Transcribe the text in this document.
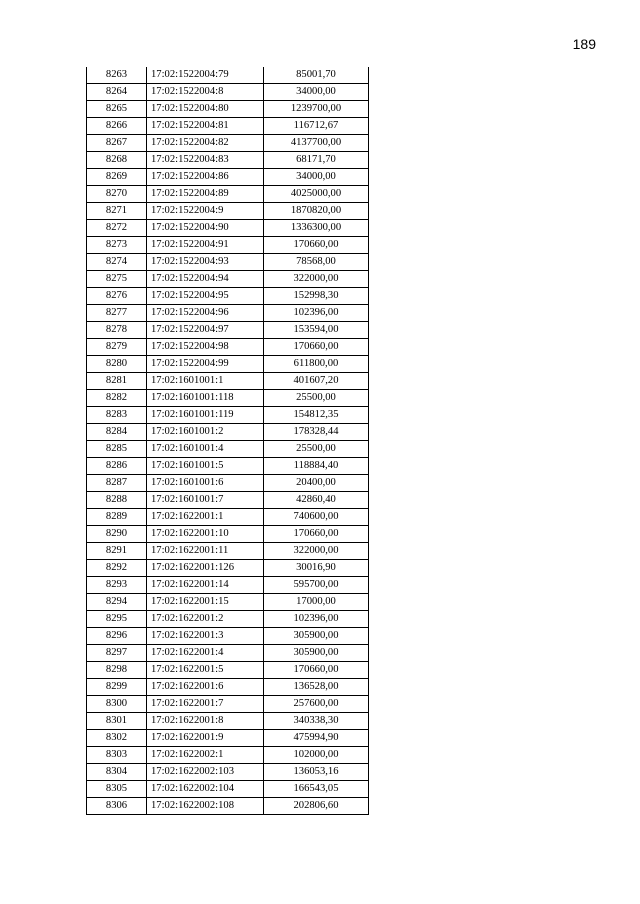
189
8263	17:02:1522004:79	85001,70
8264	17:02:1522004:8	34000,00
8265	17:02:1522004:80	1239700,00
8266	17:02:1522004:81	116712,67
8267	17:02:1522004:82	4137700,00
8268	17:02:1522004:83	68171,70
8269	17:02:1522004:86	34000,00
8270	17:02:1522004:89	4025000,00
8271	17:02:1522004:9	1870820,00
8272	17:02:1522004:90	1336300,00
8273	17:02:1522004:91	170660,00
8274	17:02:1522004:93	78568,00
8275	17:02:1522004:94	322000,00
8276	17:02:1522004:95	152998,30
8277	17:02:1522004:96	102396,00
8278	17:02:1522004:97	153594,00
8279	17:02:1522004:98	170660,00
8280	17:02:1522004:99	611800,00
8281	17:02:1601001:1	401607,20
8282	17:02:1601001:118	25500,00
8283	17:02:1601001:119	154812,35
8284	17:02:1601001:2	178328,44
8285	17:02:1601001:4	25500,00
8286	17:02:1601001:5	118884,40
8287	17:02:1601001:6	20400,00
8288	17:02:1601001:7	42860,40
8289	17:02:1622001:1	740600,00
8290	17:02:1622001:10	170660,00
8291	17:02:1622001:11	322000,00
8292	17:02:1622001:126	30016,90
8293	17:02:1622001:14	595700,00
8294	17:02:1622001:15	17000,00
8295	17:02:1622001:2	102396,00
8296	17:02:1622001:3	305900,00
8297	17:02:1622001:4	305900,00
8298	17:02:1622001:5	170660,00
8299	17:02:1622001:6	136528,00
8300	17:02:1622001:7	257600,00
8301	17:02:1622001:8	340338,30
8302	17:02:1622001:9	475994,90
8303	17:02:1622002:1	102000,00
8304	17:02:1622002:103	136053,16
8305	17:02:1622002:104	166543,05
8306	17:02:1622002:108	202806,60
